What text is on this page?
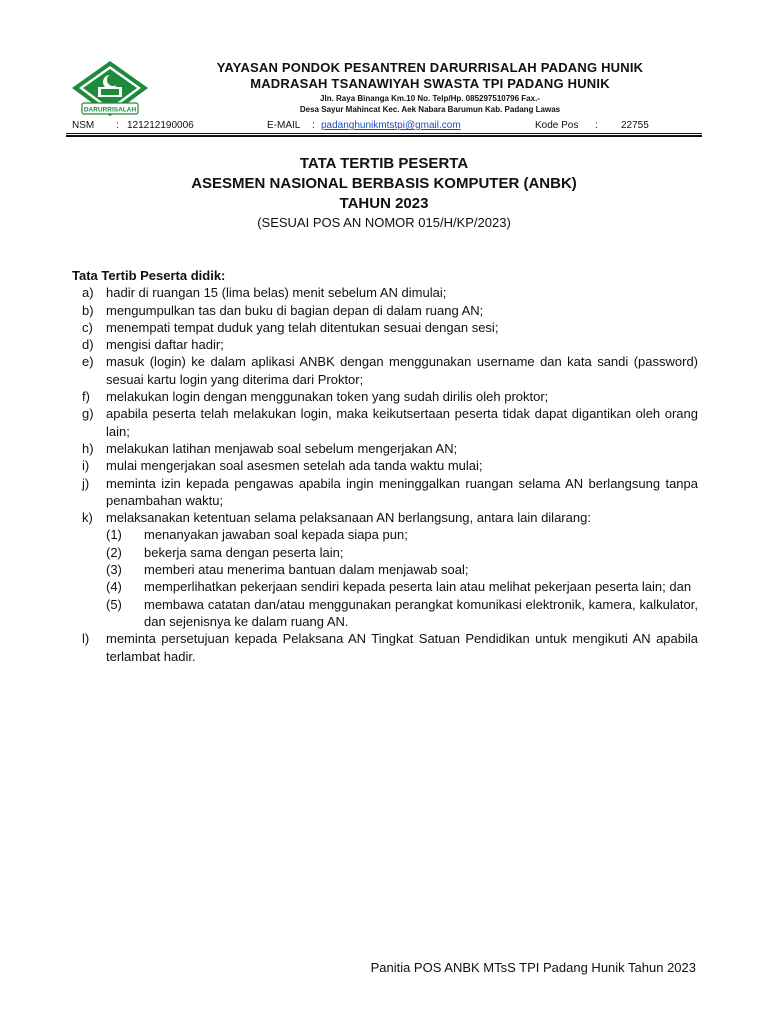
DARURRISALAH
YAYASAN PONDOK PESANTREN DARURRISALAH PADANG HUNIK
MADRASAH TSANAWIYAH SWASTA TPI PADANG HUNIK
Jln. Raya Binanga Km.10 No. Telp/Hp. 085297510796 Fax.-
Desa Sayur Mahincat Kec. Aek Nabara Barumun Kab. Padang Lawas
NSM : 121212190006	E-MAIL : padanghunikmtstpi@gmail.com	Kode Pos : 22755
TATA TERTIB PESERTA
ASESMEN NASIONAL BERBASIS KOMPUTER (ANBK)
TAHUN 2023
(SESUAI POS AN NOMOR 015/H/KP/2023)
Tata Tertib Peserta didik:
a) hadir di ruangan 15 (lima belas) menit sebelum AN dimulai;
b) mengumpulkan tas dan buku di bagian depan di dalam ruang AN;
c) menempati tempat duduk yang telah ditentukan sesuai dengan sesi;
d) mengisi daftar hadir;
e) masuk (login) ke dalam aplikasi ANBK dengan menggunakan username dan kata sandi (password) sesuai kartu login yang diterima dari Proktor;
f) melakukan login dengan menggunakan token yang sudah dirilis oleh proktor;
g) apabila peserta telah melakukan login, maka keikutsertaan peserta tidak dapat digantikan oleh orang lain;
h) melakukan latihan menjawab soal sebelum mengerjakan AN;
i) mulai mengerjakan soal asesmen setelah ada tanda waktu mulai;
j) meminta izin kepada pengawas apabila ingin meninggalkan ruangan selama AN berlangsung tanpa penambahan waktu;
k) melaksanakan ketentuan selama pelaksanaan AN berlangsung, antara lain dilarang:
(1) menanyakan jawaban soal kepada siapa pun;
(2) bekerja sama dengan peserta lain;
(3) memberi atau menerima bantuan dalam menjawab soal;
(4) memperlihatkan pekerjaan sendiri kepada peserta lain atau melihat pekerjaan peserta lain; dan
(5) membawa catatan dan/atau menggunakan perangkat komunikasi elektronik, kamera, kalkulator, dan sejenisnya ke dalam ruang AN.
l) meminta persetujuan kepada Pelaksana AN Tingkat Satuan Pendidikan untuk mengikuti AN apabila terlambat hadir.
Panitia POS ANBK MTsS TPI Padang Hunik Tahun 2023
